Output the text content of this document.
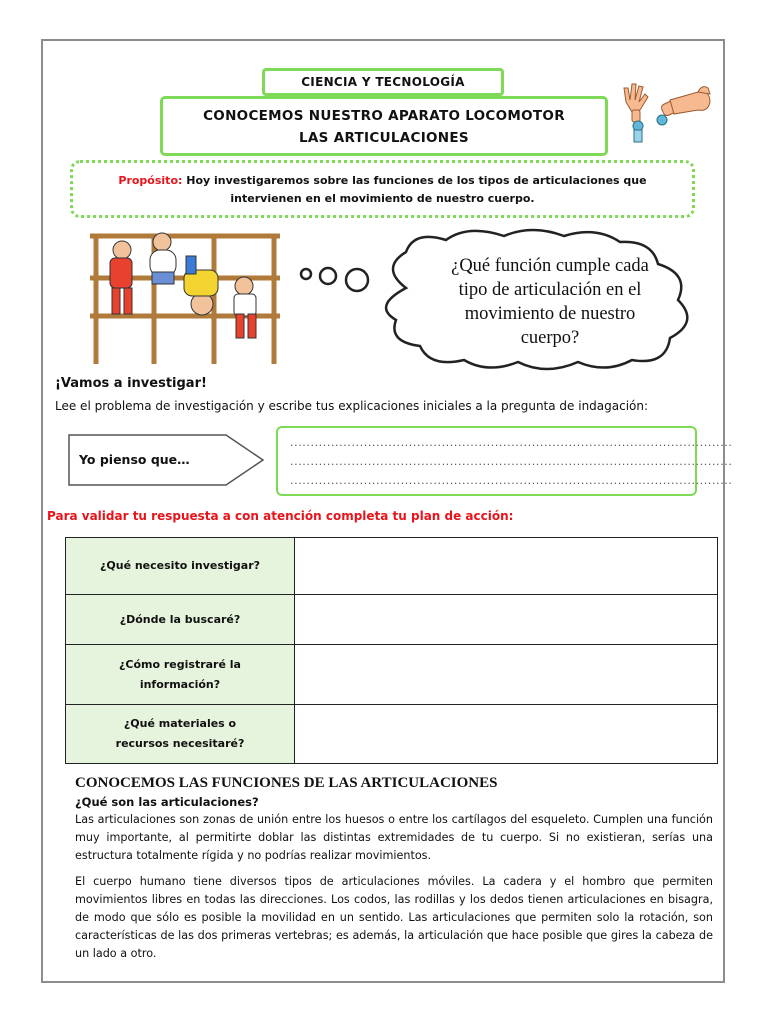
CIENCIA Y TECNOLOGÍA
CONOCEMOS NUESTRO APARATO LOCOMOTOR
LAS ARTICULACIONES
Propósito: Hoy investigaremos sobre las funciones de los tipos de articulaciones que
intervienen en el movimiento de nuestro cuerpo.
¿Qué función cumple cada
tipo de articulación en el
movimiento de nuestro
cuerpo?
¡Vamos a investigar!
Lee el problema de investigación y escribe tus explicaciones iniciales a la pregunta de indagación:
Yo pienso que…
............................................................................................................
............................................................................................................
............................................................................................................
Para validar tu respuesta a con atención completa tu plan de acción:
¿Qué necesito investigar?	

¿Dónde la buscaré?	

¿Cómo registraré la
información?	

¿Qué materiales o
recursos necesitaré?	

CONOCEMOS LAS FUNCIONES DE LAS ARTICULACIONES
¿Qué son las articulaciones?
Las articulaciones son zonas de unión entre los huesos o entre los cartílagos del esqueleto. Cumplen una función muy importante, al permitirte doblar las distintas extremidades de tu cuerpo. Si no existieran, serías una estructura totalmente rígida y no podrías realizar movimientos.
El cuerpo humano tiene diversos tipos de articulaciones móviles. La cadera y el hombro que permiten movimientos libres en todas las direcciones. Los codos, las rodillas y los dedos tienen articulaciones en bisagra, de modo que sólo es posible la movilidad en un sentido. Las articulaciones que permiten solo la rotación, son características de las dos primeras vertebras; es además, la articulación que hace posible que gires la cabeza de un lado a otro.
